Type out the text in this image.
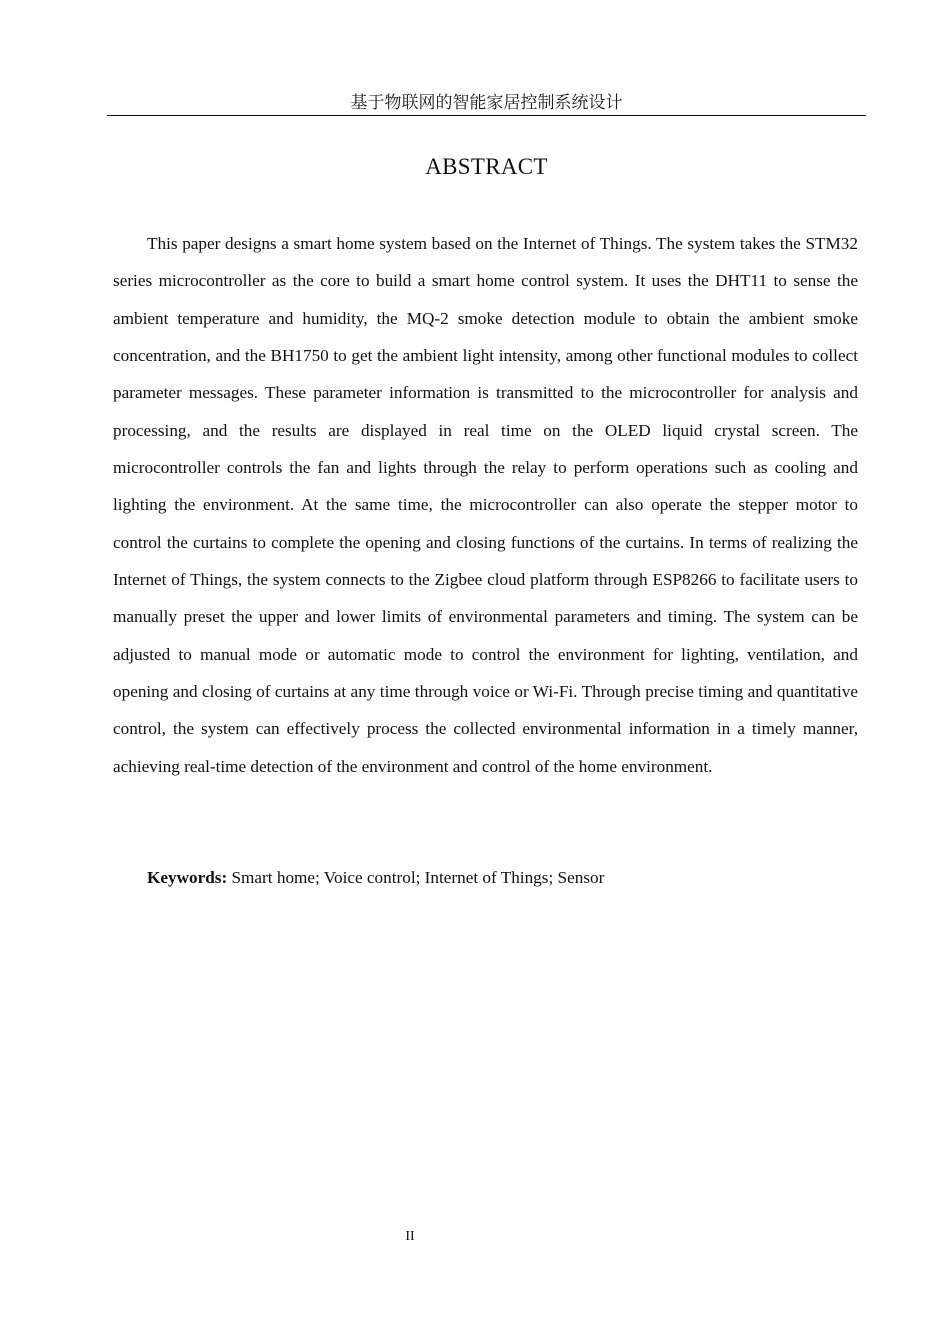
基于物联网的智能家居控制系统设计
ABSTRACT

This paper designs a smart home system based on the Internet of Things. The system takes the STM32 series microcontroller as the core to build a smart home control system. It uses the DHT11 to sense the ambient temperature and humidity, the MQ-2 smoke detection module to obtain the ambient smoke concentration, and the BH1750 to get the ambient light intensity, among other functional modules to collect parameter messages. These parameter information is transmitted to the microcontroller for analysis and processing, and the results are displayed in real time on the OLED liquid crystal screen. The microcontroller controls the fan and lights through the relay to perform operations such as cooling and lighting the environment. At the same time, the microcontroller can also operate the stepper motor to control the curtains to complete the opening and closing functions of the curtains. In terms of realizing the Internet of Things, the system connects to the Zigbee cloud platform through ESP8266 to facilitate users to manually preset the upper and lower limits of environmental parameters and timing. The system can be adjusted to manual mode or automatic mode to control the environment for lighting, ventilation, and opening and closing of curtains at any time through voice or Wi-Fi. Through precise timing and quantitative control, the system can effectively process the collected environmental information in a timely manner, achieving real-time detection of the environment and control of the home environment.

Keywords: Smart home; Voice control; Internet of Things; Sensor

II
